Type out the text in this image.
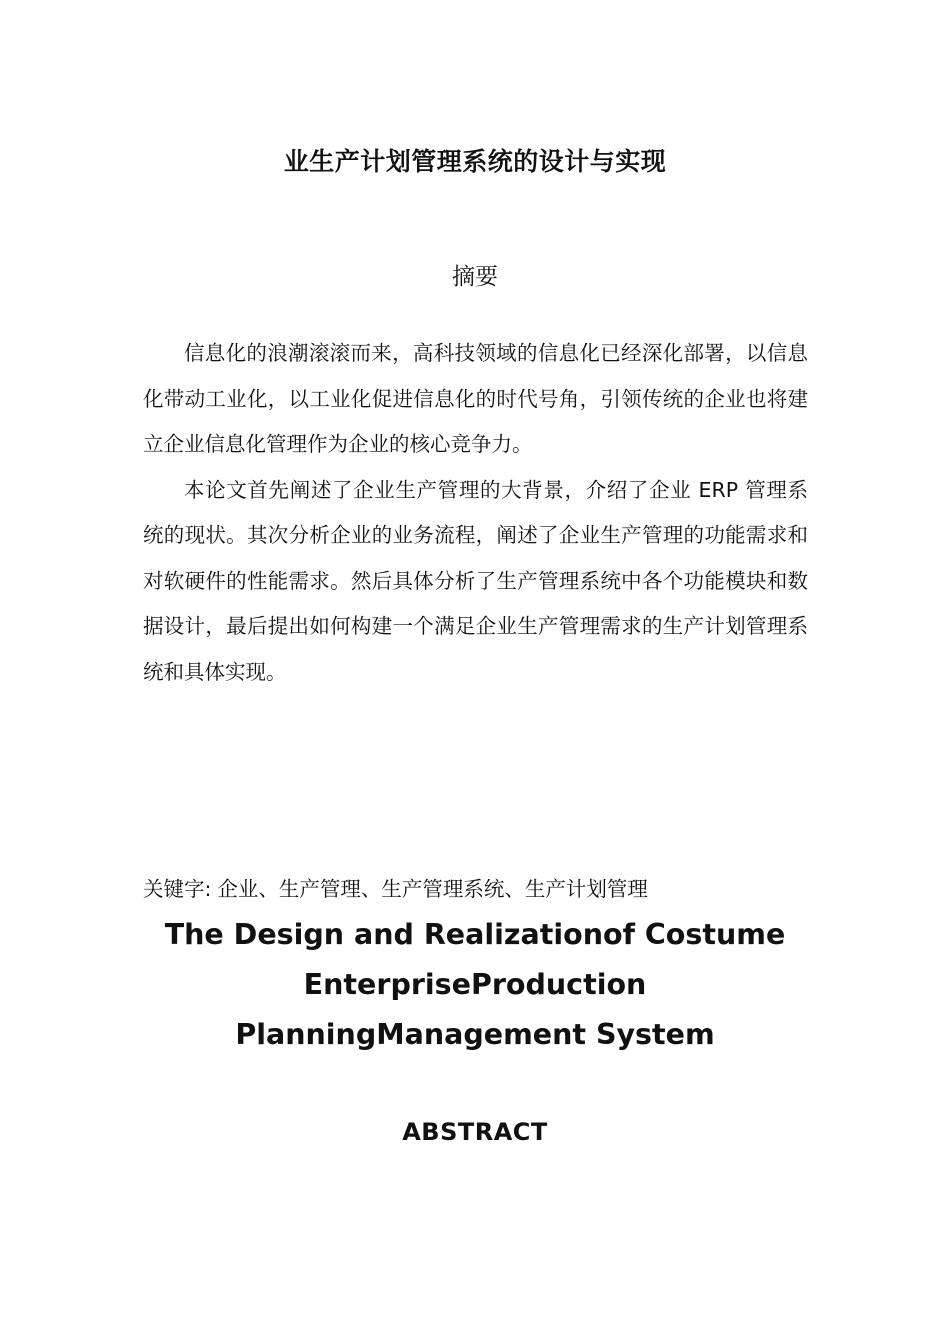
业生产计划管理系统的设计与实现
摘要

信息化的浪潮滚滚而来，高科技领域的信息化已经深化部署，以信息化带动工业化，以工业化促进信息化的时代号角，引领传统的企业也将建立企业信息化管理作为企业的核心竞争力。

本论文首先阐述了企业生产管理的大背景，介绍了企业 ERP 管理系统的现状。其次分析企业的业务流程，阐述了企业生产管理的功能需求和对软硬件的性能需求。然后具体分析了生产管理系统中各个功能模块和数据设计，最后提出如何构建一个满足企业生产管理需求的生产计划管理系统和具体实现。

关键字: 企业、生产管理、生产管理系统、生产计划管理
The Design and Realizationof Costume
EnterpriseProduction
PlanningManagement System
ABSTRACT
